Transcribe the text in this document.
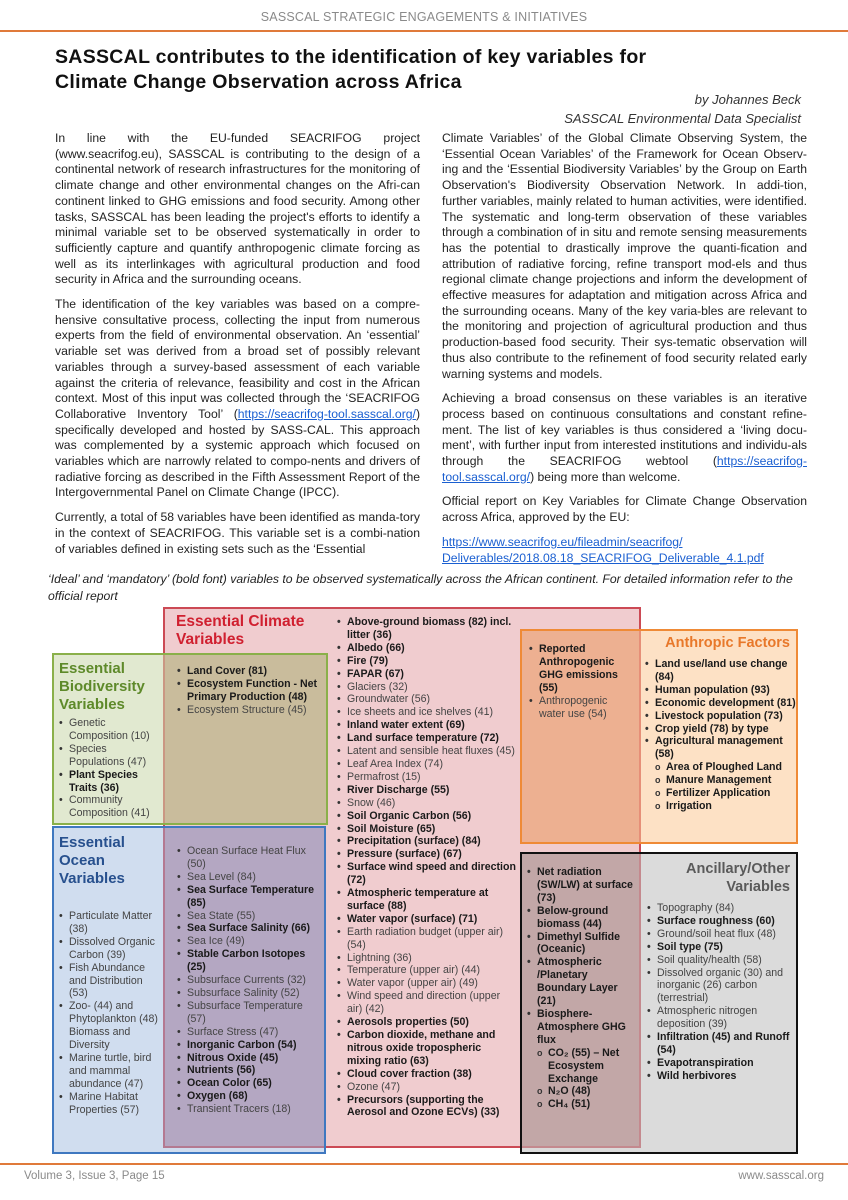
SASSCAL STRATEGIC ENGAGEMENTS & INITIATIVES
SASSCAL contributes to the identification of key variables for
Climate Change Observation across Africa
by Johannes Beck
SASSCAL Environmental Data Specialist

In line with the EU-funded SEACRIFOG project (www.seacrifog.eu), SASSCAL is contributing to the design of a continental network of research infrastructures for the monitoring of climate change and other environmental changes on the Afri-can continent linked to GHG emissions and food security. Among other tasks, SASSCAL has been leading the project's efforts to identify a minimal variable set to be observed systematically in order to sufficiently capture and quantify anthropogenic climate forcing as well as its interlinkages with agricultural production and food security in Africa and the surrounding oceans.

The identification of the key variables was based on a compre-hensive consultative process, collecting the input from numerous experts from the field of environmental observation. An ‘essential’ variable set was derived from a broad set of possibly relevant variables through a survey-based assessment of each variable against the criteria of relevance, feasibility and cost in the African context. Most of this input was collected through the ‘SEACRIFOG Collaborative Inventory Tool’ (https://seacrifog-tool.sasscal.org/) specifically developed and hosted by SASS-CAL. This approach was complemented by a systemic approach which focused on variables which are narrowly related to compo-nents and drivers of radiative forcing as described in the Fifth Assessment Report of the Intergovernmental Panel on Climate Change (IPCC).

Currently, a total of 58 variables have been identified as manda-tory in the context of SEACRIFOG. This variable set is a combi-nation of variables defined in existing sets such as the ‘Essential

Climate Variables’ of the Global Climate Observing System, the ‘Essential Ocean Variables’ of the Framework for Ocean Observ-ing and the ‘Essential Biodiversity Variables’ by the Group on Earth Observation's Biodiversity Observation Network. In addi-tion, further variables, mainly related to human activities, were identified. The systematic and long-term observation of these variables through a combination of in situ and remote sensing measurements has the potential to drastically improve the quanti-fication and attribution of radiative forcing, refine transport mod-els and thus regional climate change projections and inform the development of effective measures for adaptation and mitigation across Africa and the surrounding oceans. Many of the key varia-bles are relevant to the monitoring and projection of agricultural production and thus production-based food security. Their sys-tematic observation will thus also contribute to the refinement of food security related early warning systems and models.

Achieving a broad consensus on these variables is an iterative process based on continuous consultations and constant refine-ment. The list of key variables is thus considered a ‘living docu-ment’, with further input from interested institutions and individu-als through the SEACRIFOG webtool (https://seacrifog-tool.sasscal.org/) being more than welcome.

Official report on Key Variables for Climate Change Observation across Africa, approved by the EU:

https://www.seacrifog.eu/fileadmin/seacrifog/
Deliverables/2018.08.18_SEACRIFOG_Deliverable_4.1.pdf

‘Ideal’ and ‘mandatory’ (bold font) variables to be observed systematically across the African continent. For detailed information refer to the official report
Essential Climate Variables
Essential Biodiversity Variables
Essential Ocean Variables
Anthropic Factors
Ancillary/Other Variables
• Genetic Composition (10)
• Species Populations (47)
• Plant Species Traits (36)
• Community Composition (41)
• Land Cover (81)
• Ecosystem Function - Net Primary Production (48)
• Ecosystem Structure (45)
• Particulate Matter (38)
• Dissolved Organic Carbon (39)
• Fish Abundance and Distribution (53)
• Zoo- (44) and Phytoplankton (48) Biomass and Diversity
• Marine turtle, bird and mammal abundance (47)
• Marine Habitat Properties (57)
• Ocean Surface Heat Flux (50)
• Sea Level (84)
• Sea Surface Temperature (85)
• Sea State (55)
• Sea Surface Salinity (66)
• Sea Ice (49)
• Stable Carbon Isotopes (25)
• Subsurface Currents (32)
• Subsurface Salinity (52)
• Subsurface Temperature (57)
• Surface Stress (47)
• Inorganic Carbon (54)
• Nitrous Oxide (45)
• Nutrients (56)
• Ocean Color (65)
• Oxygen (68)
• Transient Tracers (18)
• Above-ground biomass (82) incl. litter (36)
• Albedo (66)
• Fire (79)
• FAPAR (67)
• Glaciers (32)
• Groundwater (56)
• Ice sheets and ice shelves (41)
• Inland water extent (69)
• Land surface temperature (72)
• Latent and sensible heat fluxes (45)
• Leaf Area Index (74)
• Permafrost (15)
• River Discharge (55)
• Snow (46)
• Soil Organic Carbon (56)
• Soil Moisture (65)
• Precipitation (surface) (84)
• Pressure (surface) (67)
• Surface wind speed and direction (72)
• Atmospheric temperature at surface (88)
• Water vapor (surface) (71)
• Earth radiation budget (upper air) (54)
• Lightning (36)
• Temperature (upper air) (44)
• Water vapor (upper air) (49)
• Wind speed and direction (upper air) (42)
• Aerosols properties (50)
• Carbon dioxide, methane and nitrous oxide tropospheric mixing ratio (63)
• Cloud cover fraction (38)
• Ozone (47)
• Precursors (supporting the Aerosol and Ozone ECVs) (33)
• Reported Anthropogenic GHG emissions (55)
• Anthropogenic water use (54)
• Land use/land use change (84)
• Human population (93)
• Economic development (81)
• Livestock population (73)
• Crop yield (78) by type
• Agricultural management (58)
o Area of Ploughed Land
o Manure Management
o Fertilizer Application
o Irrigation
• Net radiation (SW/LW) at surface (73)
• Below-ground biomass (44)
• Dimethyl Sulfide (Oceanic)
• Atmospheric /Planetary Boundary Layer (21)
• Biosphere-Atmosphere GHG flux
o CO₂ (55) – Net Ecosystem Exchange
o N₂O (48)
o CH₄ (51)
• Topography (84)
• Surface roughness (60)
• Ground/soil heat flux (48)
• Soil type (75)
• Soil quality/health (58)
• Dissolved organic (30) and inorganic (26) carbon (terrestrial)
• Atmospheric nitrogen deposition (39)
• Infiltration (45) and Runoff (54)
• Evapotranspiration
• Wild herbivores
Volume 3, Issue 3, Page 15	www.sasscal.org
